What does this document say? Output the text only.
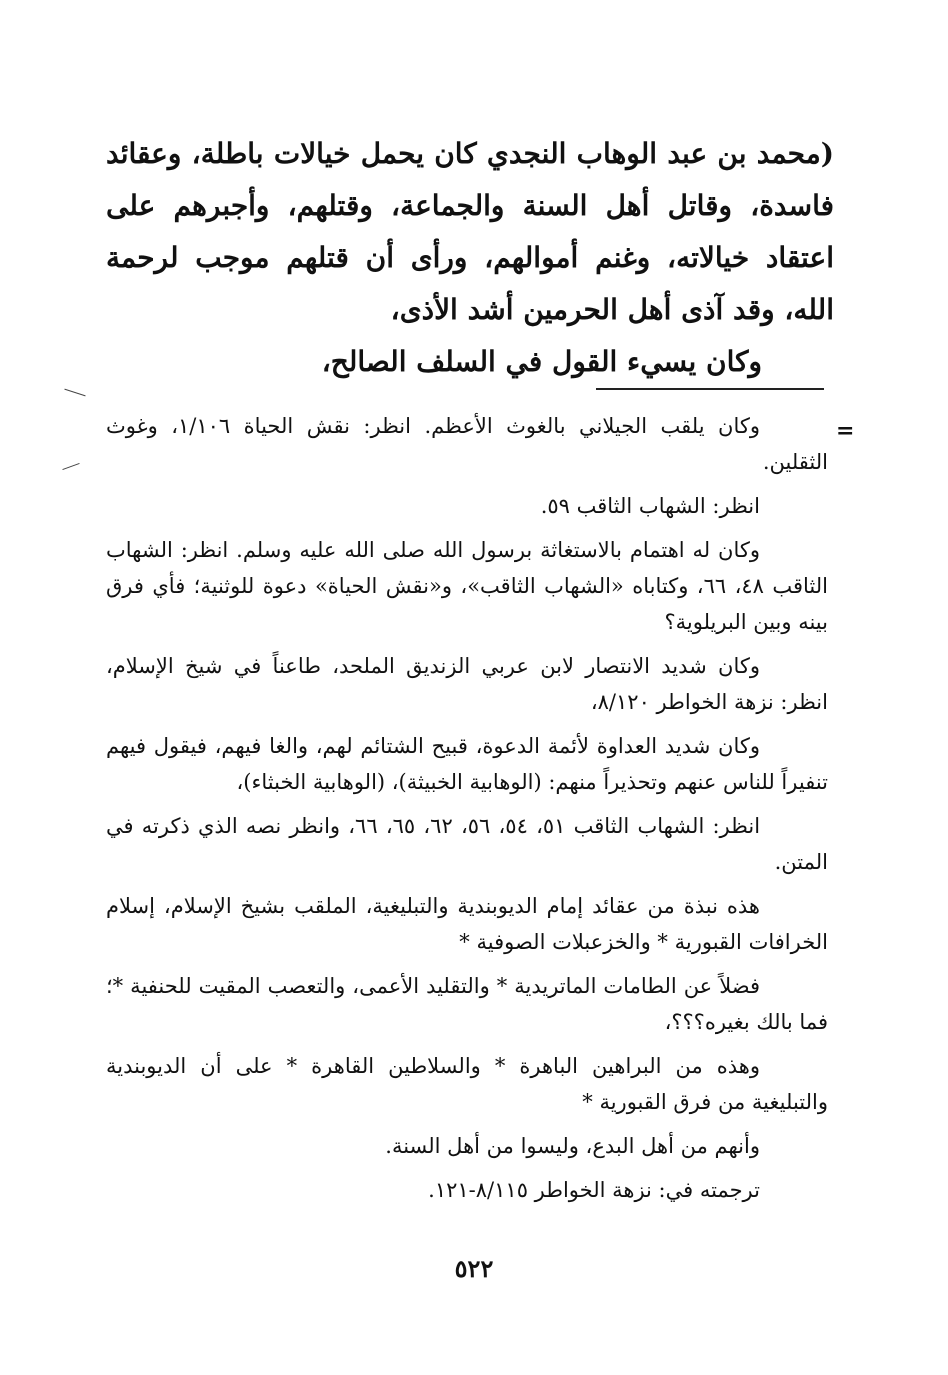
(محمد بن عبد الوهاب النجدي كان يحمل خيالات باطلة، وعقائد فاسدة، وقاتل أهل السنة والجماعة، وقتلهم، وأجبرهم على اعتقاد خيالاته، وغنم أموالهم، ورأى أن قتلهم موجب لرحمة الله، وقد آذى أهل الحرمين أشد الأذى،

وكان يسيء القول في السلف الصالح،

=

وكان يلقب الجيلاني بالغوث الأعظم. انظر: نقش الحياة ١/١٠٦، وغوث الثقلين.

انظر: الشهاب الثاقب ٥٩.

وكان له اهتمام بالاستغاثة برسول الله صلى الله عليه وسلم. انظر: الشهاب الثاقب ٤٨، ٦٦، وكتاباه «الشهاب الثاقب»، و«نقش الحياة» دعوة للوثنية؛ فأي فرق بينه وبين البريلوية؟

وكان شديد الانتصار لابن عربي الزنديق الملحد، طاعناً في شيخ الإسلام، انظر: نزهة الخواطر ٨/١٢٠،

وكان شديد العداوة لأئمة الدعوة، قبيح الشتائم لهم، والغا فيهم، فيقول فيهم تنفيراً للناس عنهم وتحذيراً منهم: (الوهابية الخبيثة)، (الوهابية الخبثاء)،

انظر: الشهاب الثاقب ٥١، ٥٤، ٥٦، ٦٢، ٦٥، ٦٦، وانظر نصه الذي ذكرته في المتن.

هذه نبذة من عقائد إمام الديوبندية والتبليغية، الملقب بشيخ الإسلام، إسلام الخرافات القبورية * والخزعبلات الصوفية *

فضلاً عن الطامات الماتريدية * والتقليد الأعمى، والتعصب المقيت للحنفية *؛ فما بالك بغيره؟؟؟،

وهذه من البراهين الباهرة * والسلاطين القاهرة * على أن الديوبندية والتبليغية من فرق القبورية *

وأنهم من أهل البدع، وليسوا من أهل السنة.

ترجمته في: نزهة الخواطر ٨/١١٥-١٢١.

٥٢٢
